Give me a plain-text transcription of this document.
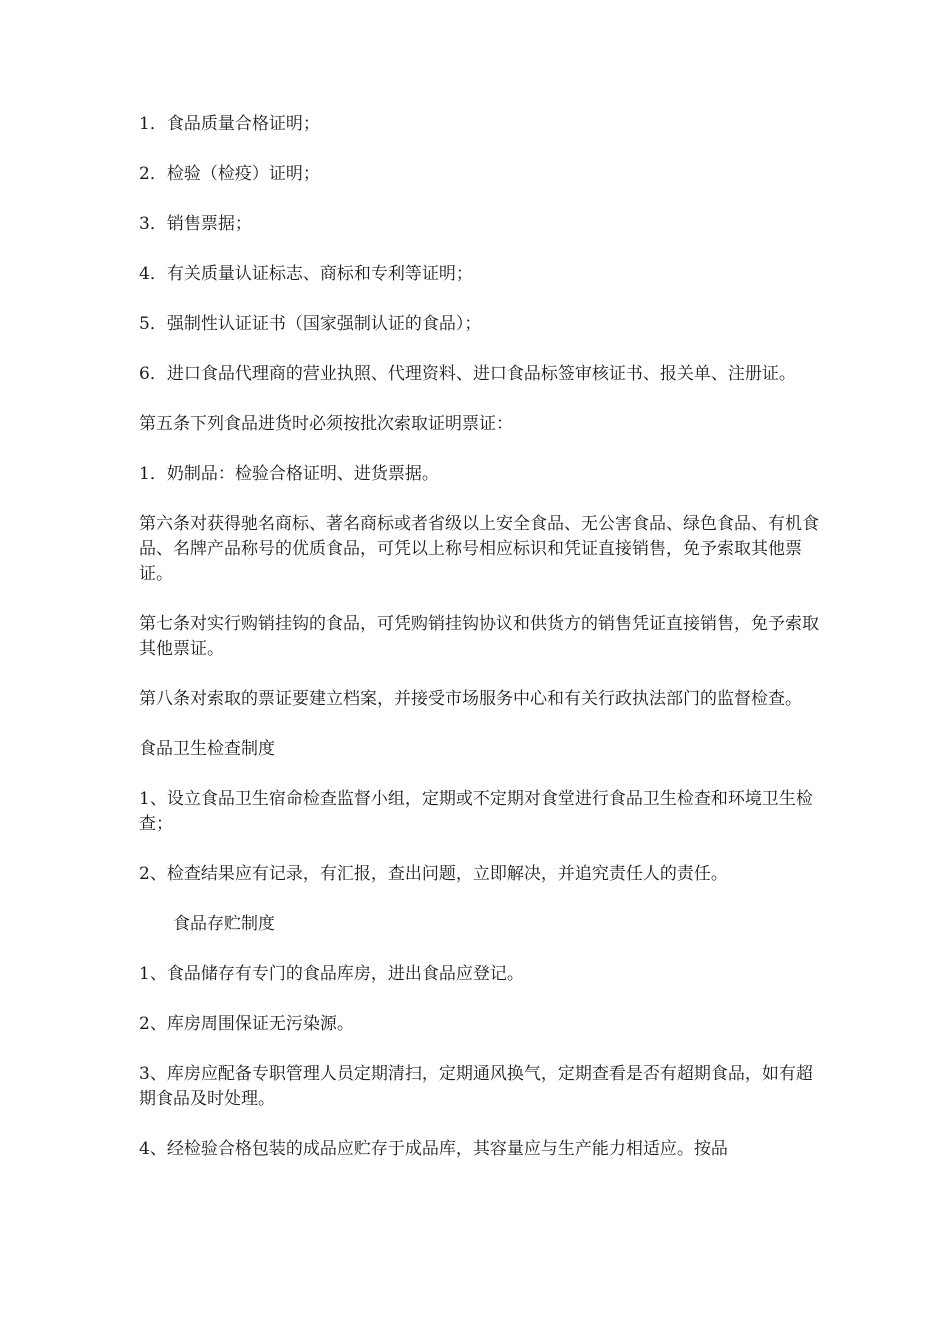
1．食品质量合格证明；

2．检验（检疫）证明；

3．销售票据；

4．有关质量认证标志、商标和专利等证明；

5．强制性认证证书（国家强制认证的食品）；

6．进口食品代理商的营业执照、代理资料、进口食品标签审核证书、报关单、注册证。

第五条下列食品进货时必须按批次索取证明票证：

1．奶制品：检验合格证明、进货票据。

第六条对获得驰名商标、著名商标或者省级以上安全食品、无公害食品、绿色食品、有机食品、名牌产品称号的优质食品，可凭以上称号相应标识和凭证直接销售，免予索取其他票证。

第七条对实行购销挂钩的食品，可凭购销挂钩协议和供货方的销售凭证直接销售，免予索取其他票证。

第八条对索取的票证要建立档案，并接受市场服务中心和有关行政执法部门的监督检查。

食品卫生检查制度

1、设立食品卫生宿命检查监督小组，定期或不定期对食堂进行食品卫生检查和环境卫生检查；

2、检查结果应有记录，有汇报，查出问题，立即解决，并追究责任人的责任。

食品存贮制度

1、食品储存有专门的食品库房，进出食品应登记。

2、库房周围保证无污染源。

3、库房应配备专职管理人员定期清扫，定期通风换气，定期查看是否有超期食品，如有超期食品及时处理。

4、经检验合格包装的成品应贮存于成品库，其容量应与生产能力相适应。按品
